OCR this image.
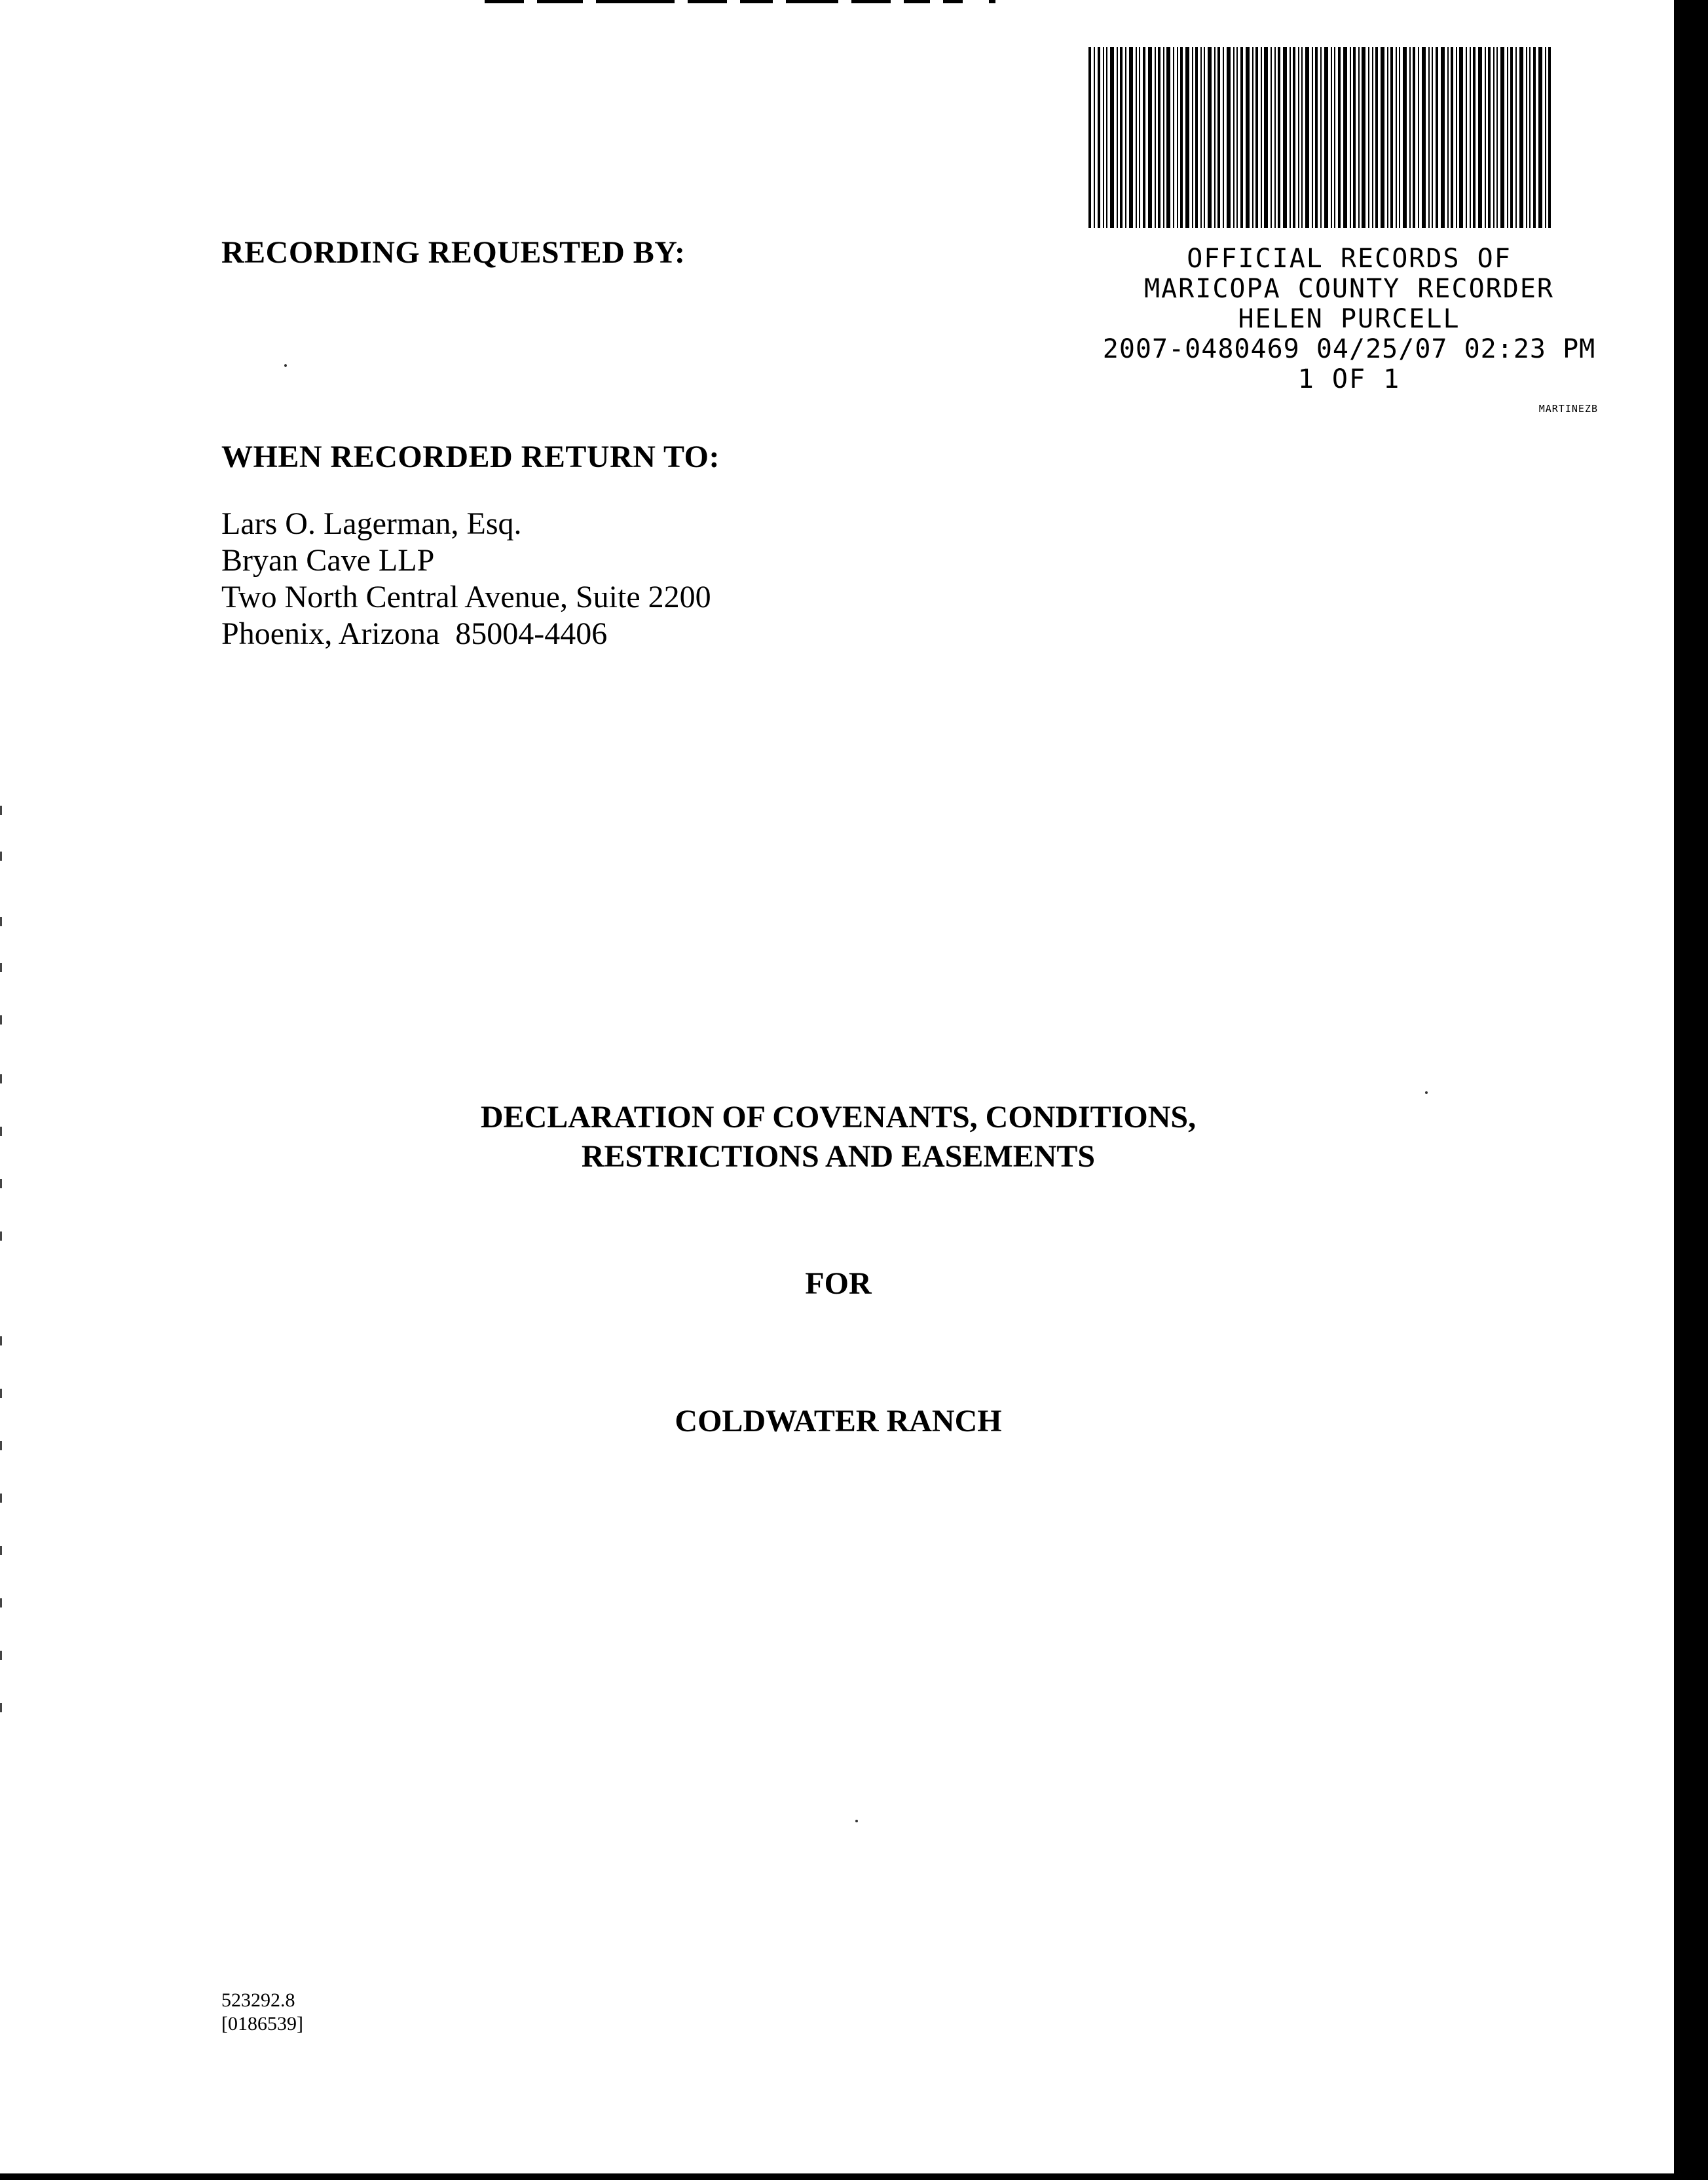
OFFICIAL RECORDS OF
MARICOPA COUNTY RECORDER
HELEN PURCELL
2007-0480469 04/25/07 02:23 PM
1 OF 1
MARTINEZB
RECORDING REQUESTED BY:
WHEN RECORDED RETURN TO:
Lars O. Lagerman, Esq.
Bryan Cave LLP
Two North Central Avenue, Suite 2200
Phoenix, Arizona  85004-4406
DECLARATION OF COVENANTS, CONDITIONS,
RESTRICTIONS AND EASEMENTS
FOR
COLDWATER RANCH
523292.8
[0186539]
